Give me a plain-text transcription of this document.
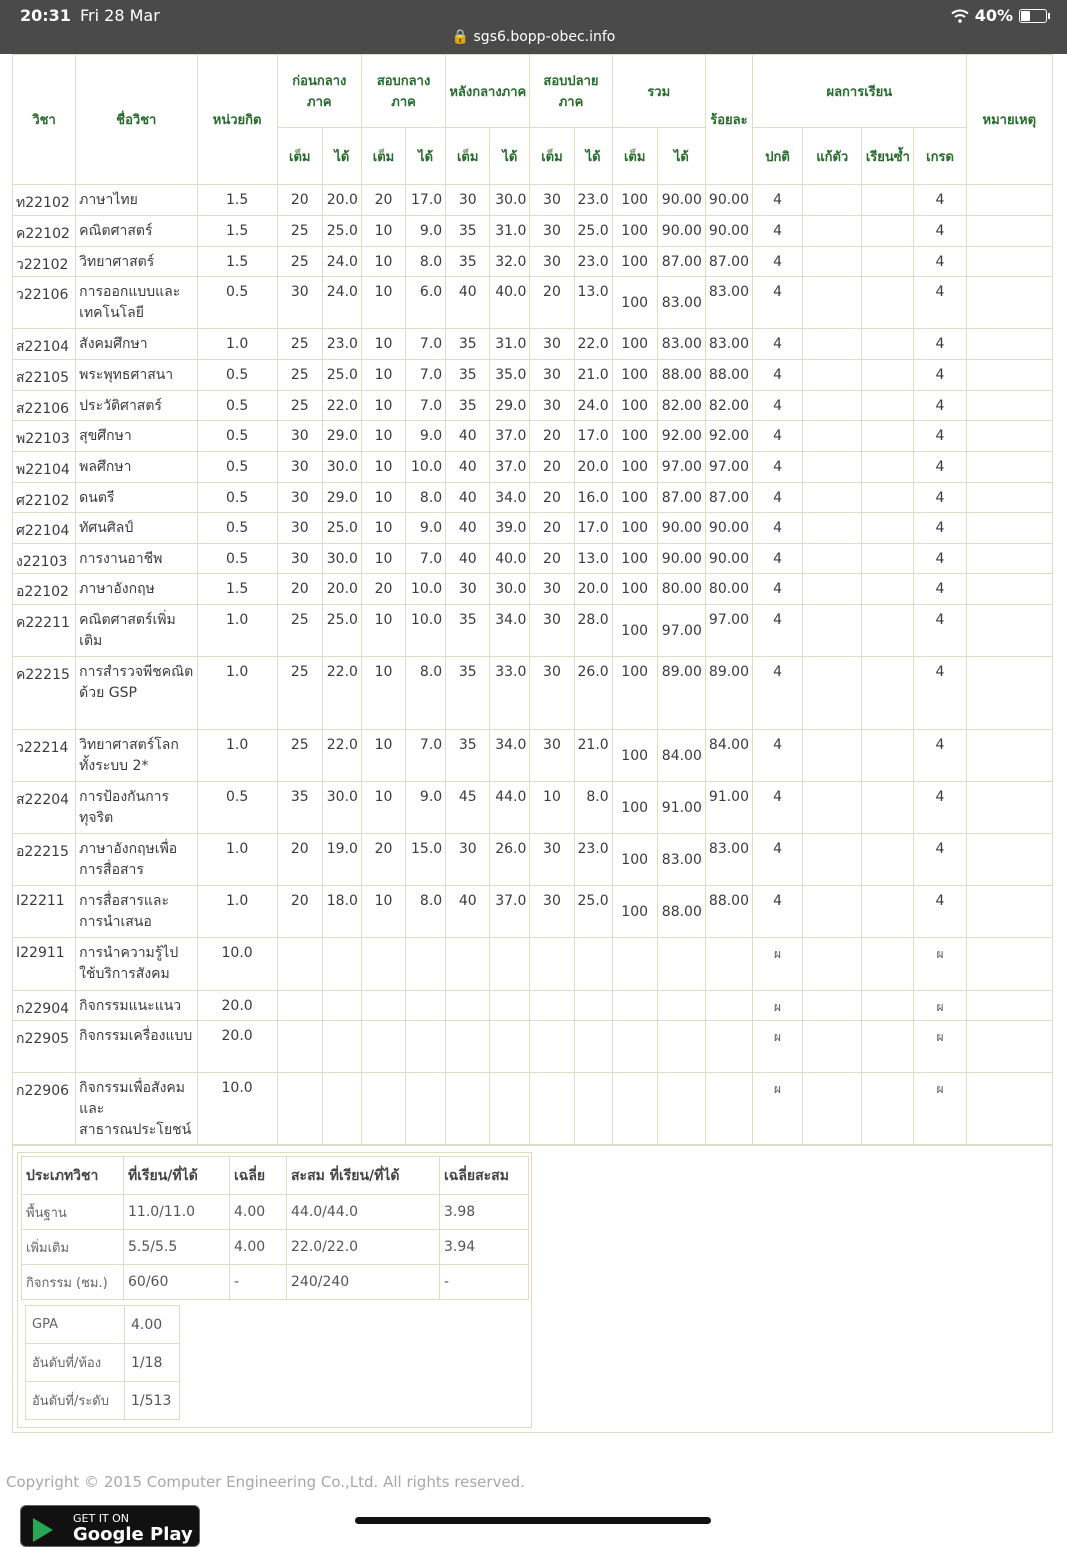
20:31 Fri 28 Mar	40%
🔒 sgs6.bopp-obec.info
วิชา	ชื่อวิชา	หน่วยกิต	ก่อนกลางภาค		สอบกลางภาค		หลังกลางภาค		สอบปลายภาค		รวม		ร้อยละ	ผลการเรียน				หมายเหตุ
			เต็ม	ได้	เต็ม	ได้	เต็ม	ได้	เต็ม	ได้	เต็ม	ได้		ปกติ	แก้ตัว	เรียนซ้ำ	เกรด	
ท22102	ภาษาไทย	1.5	20	20.0	20	17.0	30	30.0	30	23.0	100	90.00	90.00	4			4	
ค22102	คณิตศาสตร์	1.5	25	25.0	10	9.0	35	31.0	30	25.0	100	90.00	90.00	4			4	
ว22102	วิทยาศาสตร์	1.5	25	24.0	10	8.0	35	32.0	30	23.0	100	87.00	87.00	4			4	
ว22106	การออกแบบและเทคโนโลยี	0.5	30	24.0	10	6.0	40	40.0	20	13.0	100	83.00	83.00	4			4	
ส22104	สังคมศึกษา	1.0	25	23.0	10	7.0	35	31.0	30	22.0	100	83.00	83.00	4			4	
ส22105	พระพุทธศาสนา	0.5	25	25.0	10	7.0	35	35.0	30	21.0	100	88.00	88.00	4			4	
ส22106	ประวัติศาสตร์	0.5	25	22.0	10	7.0	35	29.0	30	24.0	100	82.00	82.00	4			4	
พ22103	สุขศึกษา	0.5	30	29.0	10	9.0	40	37.0	20	17.0	100	92.00	92.00	4			4	
พ22104	พลศึกษา	0.5	30	30.0	10	10.0	40	37.0	20	20.0	100	97.00	97.00	4			4	
ศ22102	ดนตรี	0.5	30	29.0	10	8.0	40	34.0	20	16.0	100	87.00	87.00	4			4	
ศ22104	ทัศนศิลป์	0.5	30	25.0	10	9.0	40	39.0	20	17.0	100	90.00	90.00	4			4	
ง22103	การงานอาชีพ	0.5	30	30.0	10	7.0	40	40.0	20	13.0	100	90.00	90.00	4			4	
อ22102	ภาษาอังกฤษ	1.5	20	20.0	20	10.0	30	30.0	30	20.0	100	80.00	80.00	4			4	
ค22211	คณิตศาสตร์เพิ่มเติม	1.0	25	25.0	10	10.0	35	34.0	30	28.0	100	97.00	97.00	4			4	
ค22215	การสำรวจพีชคณิตด้วย GSP	1.0	25	22.0	10	8.0	35	33.0	30	26.0	100	89.00	89.00	4			4	
ว22214	วิทยาศาสตร์โลกทั้งระบบ 2*	1.0	25	22.0	10	7.0	35	34.0	30	21.0	100	84.00	84.00	4			4	
ส22204	การป้องกันการทุจริต	0.5	35	30.0	10	9.0	45	44.0	10	8.0	100	91.00	91.00	4			4	
อ22215	ภาษาอังกฤษเพื่อการสื่อสาร	1.0	20	19.0	20	15.0	30	26.0	30	23.0	100	83.00	83.00	4			4	
I22211	การสื่อสารและการนำเสนอ	1.0	20	18.0	10	8.0	40	37.0	30	25.0	100	88.00	88.00	4			4	
I22911	การนำความรู้ไปใช้บริการสังคม	10.0												ผ			ผ	
ก22904	กิจกรรมแนะแนว	20.0												ผ			ผ	
ก22905	กิจกรรมเครื่องแบบ	20.0												ผ			ผ	
ก22906	กิจกรรมเพื่อสังคมและสาธารณประโยชน์	10.0												ผ			ผ	
ประเภทวิชา	ที่เรียน/ที่ได้	เฉลี่ย	สะสม ที่เรียน/ที่ได้	เฉลี่ยสะสม
พื้นฐาน	11.0/11.0	4.00	44.0/44.0	3.98
เพิ่มเติม	5.5/5.5	4.00	22.0/22.0	3.94
กิจกรรม (ชม.)	60/60	-	240/240	-
GPA	4.00
อันดับที่/ห้อง	1/18
อันดับที่/ระดับ	1/513
Copyright © 2015 Computer Engineering Co.,Ltd. All rights reserved.
GET IT ON
Google Play
